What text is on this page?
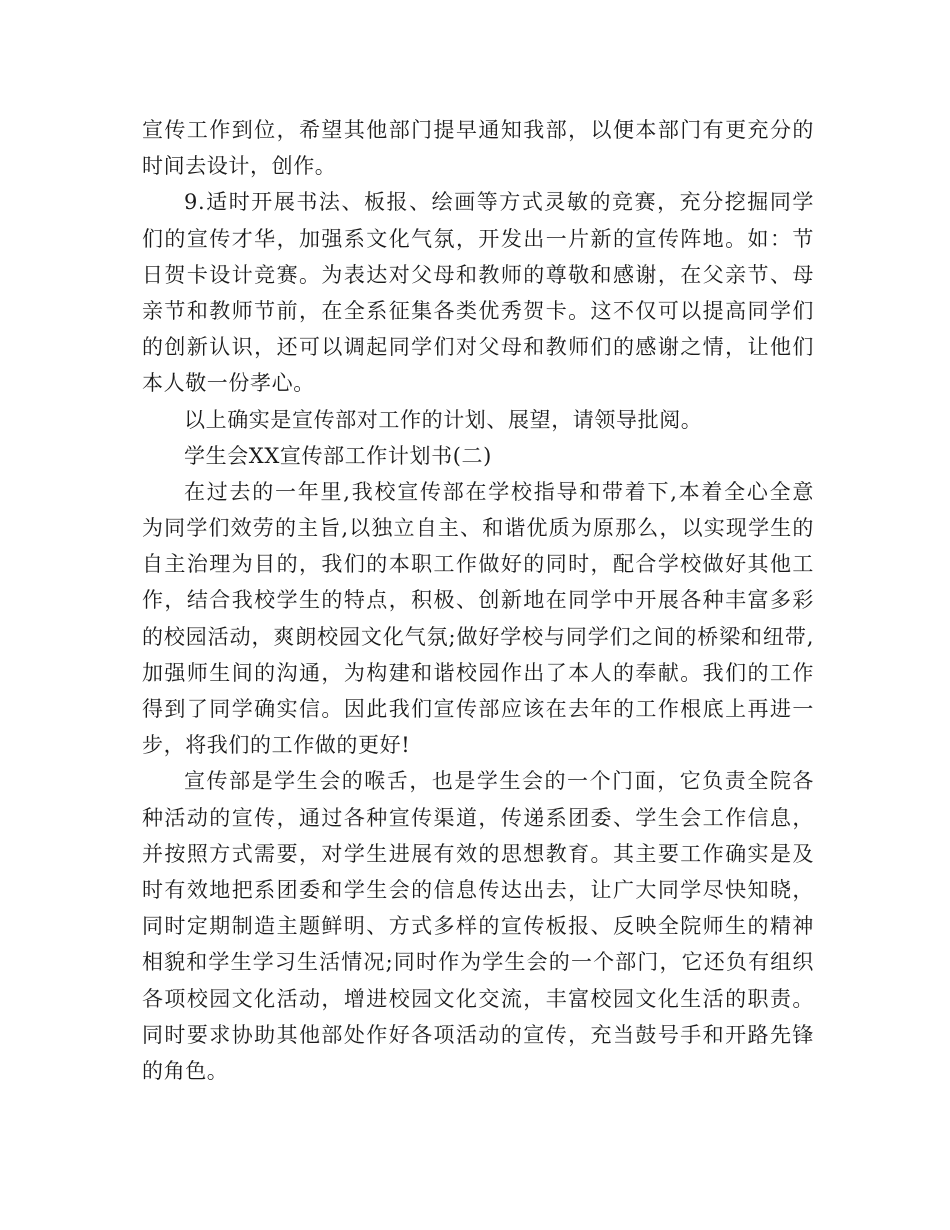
宣传工作到位，希望其他部门提早通知我部，以便本部门有更充分的
时间去设计，创作。
9.适时开展书法、板报、绘画等方式灵敏的竞赛，充分挖掘同学
们的宣传才华，加强系文化气氛，开发出一片新的宣传阵地。如：节
日贺卡设计竞赛。为表达对父母和教师的尊敬和感谢，在父亲节、母
亲节和教师节前，在全系征集各类优秀贺卡。这不仅可以提高同学们
的创新认识，还可以调起同学们对父母和教师们的感谢之情，让他们
本人敬一份孝心。
以上确实是宣传部对工作的计划、展望，请领导批阅。
学生会XX宣传部工作计划书(二)
在过去的一年里,我校宣传部在学校指导和带着下,本着全心全意
为同学们效劳的主旨,以独立自主、和谐优质为原那么，以实现学生的
自主治理为目的，我们的本职工作做好的同时，配合学校做好其他工
作，结合我校学生的特点，积极、创新地在同学中开展各种丰富多彩
的校园活动，爽朗校园文化气氛;做好学校与同学们之间的桥梁和纽带,
加强师生间的沟通，为构建和谐校园作出了本人的奉献。我们的工作
得到了同学确实信。因此我们宣传部应该在去年的工作根底上再进一
步，将我们的工作做的更好!
宣传部是学生会的喉舌，也是学生会的一个门面，它负责全院各
种活动的宣传，通过各种宣传渠道，传递系团委、学生会工作信息，
并按照方式需要，对学生进展有效的思想教育。其主要工作确实是及
时有效地把系团委和学生会的信息传达出去，让广大同学尽快知晓，
同时定期制造主题鲜明、方式多样的宣传板报、反映全院师生的精神
相貌和学生学习生活情况;同时作为学生会的一个部门，它还负有组织
各项校园文化活动，增进校园文化交流，丰富校园文化生活的职责。
同时要求协助其他部处作好各项活动的宣传，充当鼓号手和开路先锋
的角色。
